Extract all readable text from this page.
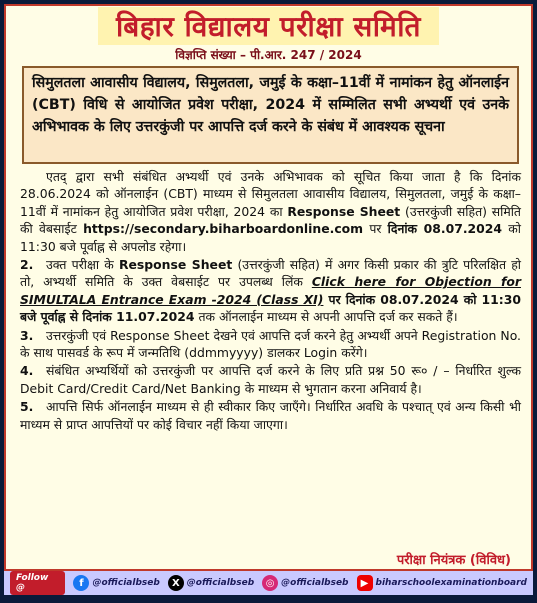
बिहार विद्यालय परीक्षा समिति
विज्ञप्ति संख्या – पी.आर. 247 / 2024
सिमुलतला आवासीय विद्यालय, सिमुलतला, जमुई के कक्षा–11वीं में नामांकन हेतु ऑनलाईन (CBT) विधि से आयोजित प्रवेश परीक्षा, 2024 में सम्मिलित सभी अभ्यर्थी एवं उनके अभिभावक के लिए उत्तरकुंजी पर आपत्ति दर्ज करने के संबंध में आवश्यक सूचना

एतद् द्वारा सभी संबंधित अभ्यर्थी एवं उनके अभिभावक को सूचित किया जाता है कि दिनांक 28.06.2024 को ऑनलाईन (CBT) माध्यम से सिमुलतला आवासीय विद्यालय, सिमुलतला, जमुई के कक्षा–11वीं में नामांकन हेतु आयोजित प्रवेश परीक्षा, 2024 का Response Sheet (उत्तरकुंजी सहित) समिति की वेबसाईट https://secondary.biharboardonline.com पर दिनांक 08.07.2024 को 11:30 बजे पूर्वाह्न से अपलोड रहेगा।

2. उक्त परीक्षा के Response Sheet (उत्तरकुंजी सहित) में अगर किसी प्रकार की त्रुटि परिलक्षित हो तो, अभ्यर्थी समिति के उक्त वेबसाईट पर उपलब्ध लिंक Click here for Objection for SIMULTALA Entrance Exam -2024 (Class XI) पर दिनांक 08.07.2024 को 11:30 बजे पूर्वाह्न से दिनांक 11.07.2024 तक ऑनलाईन माध्यम से अपनी आपत्ति दर्ज कर सकते हैं।

3. उत्तरकुंजी एवं Response Sheet देखने एवं आपत्ति दर्ज करने हेतु अभ्यर्थी अपने Registration No. के साथ पासवर्ड के रूप में जन्मतिथि (ddmmyyyy) डालकर Login करेंगे।

4. संबंधित अभ्यर्थियों को उत्तरकुंजी पर आपत्ति दर्ज करने के लिए प्रति प्रश्न 50 रू० / – निर्धारित शुल्क Debit Card/Credit Card/Net Banking के माध्यम से भुगतान करना अनिवार्य है।

5. आपत्ति सिर्फ ऑनलाईन माध्यम से ही स्वीकार किए जाएँगे। निर्धारित अवधि के पश्चात् एवं अन्य किसी भी माध्यम से प्राप्त आपत्तियों पर कोई विचार नहीं किया जाएगा।

परीक्षा नियंत्रक (विविध)
Follow @	f @officialbseb	X @officialbseb	◎ @officialbseb	▶ biharschoolexaminationboard
